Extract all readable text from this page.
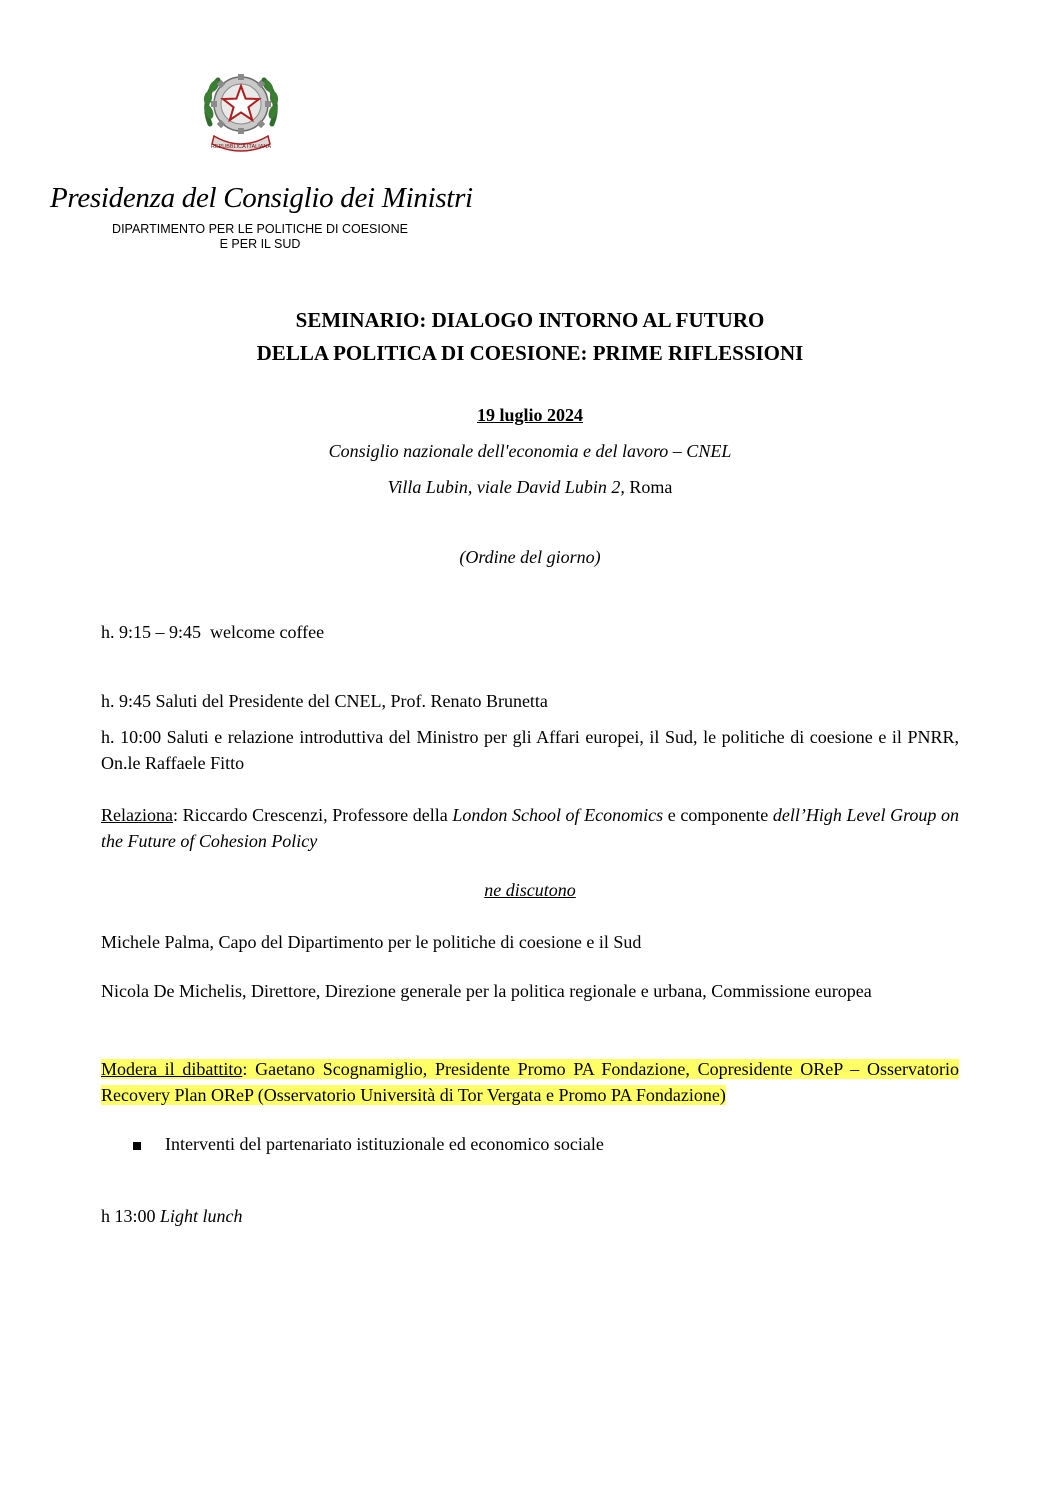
REPUBBLICA ITALIANA
Presidenza del Consiglio dei Ministri
DIPARTIMENTO PER LE POLITICHE DI COESIONE
E PER IL SUD
SEMINARIO: DIALOGO INTORNO AL FUTURO
DELLA POLITICA DI COESIONE: PRIME RIFLESSIONI
19 luglio 2024
Consiglio nazionale dell'economia e del lavoro – CNEL
Villa Lubin, viale David Lubin 2, Roma
(Ordine del giorno)
h. 9:15 – 9:45  welcome coffee
h. 9:45 Saluti del Presidente del CNEL, Prof. Renato Brunetta
h. 10:00 Saluti e relazione introduttiva del Ministro per gli Affari europei, il Sud, le politiche di coesione e il PNRR, On.le Raffaele Fitto
Relaziona: Riccardo Crescenzi, Professore della London School of Economics e componente dell’High Level Group on the Future of Cohesion Policy
ne discutono
Michele Palma, Capo del Dipartimento per le politiche di coesione e il Sud
Nicola De Michelis, Direttore, Direzione generale per la politica regionale e urbana, Commissione europea
Modera il dibattito: Gaetano Scognamiglio, Presidente Promo PA Fondazione, Copresidente OReP – Osservatorio Recovery Plan OReP (Osservatorio Università di Tor Vergata e Promo PA Fondazione)
Interventi del partenariato istituzionale ed economico sociale
h 13:00 Light lunch
